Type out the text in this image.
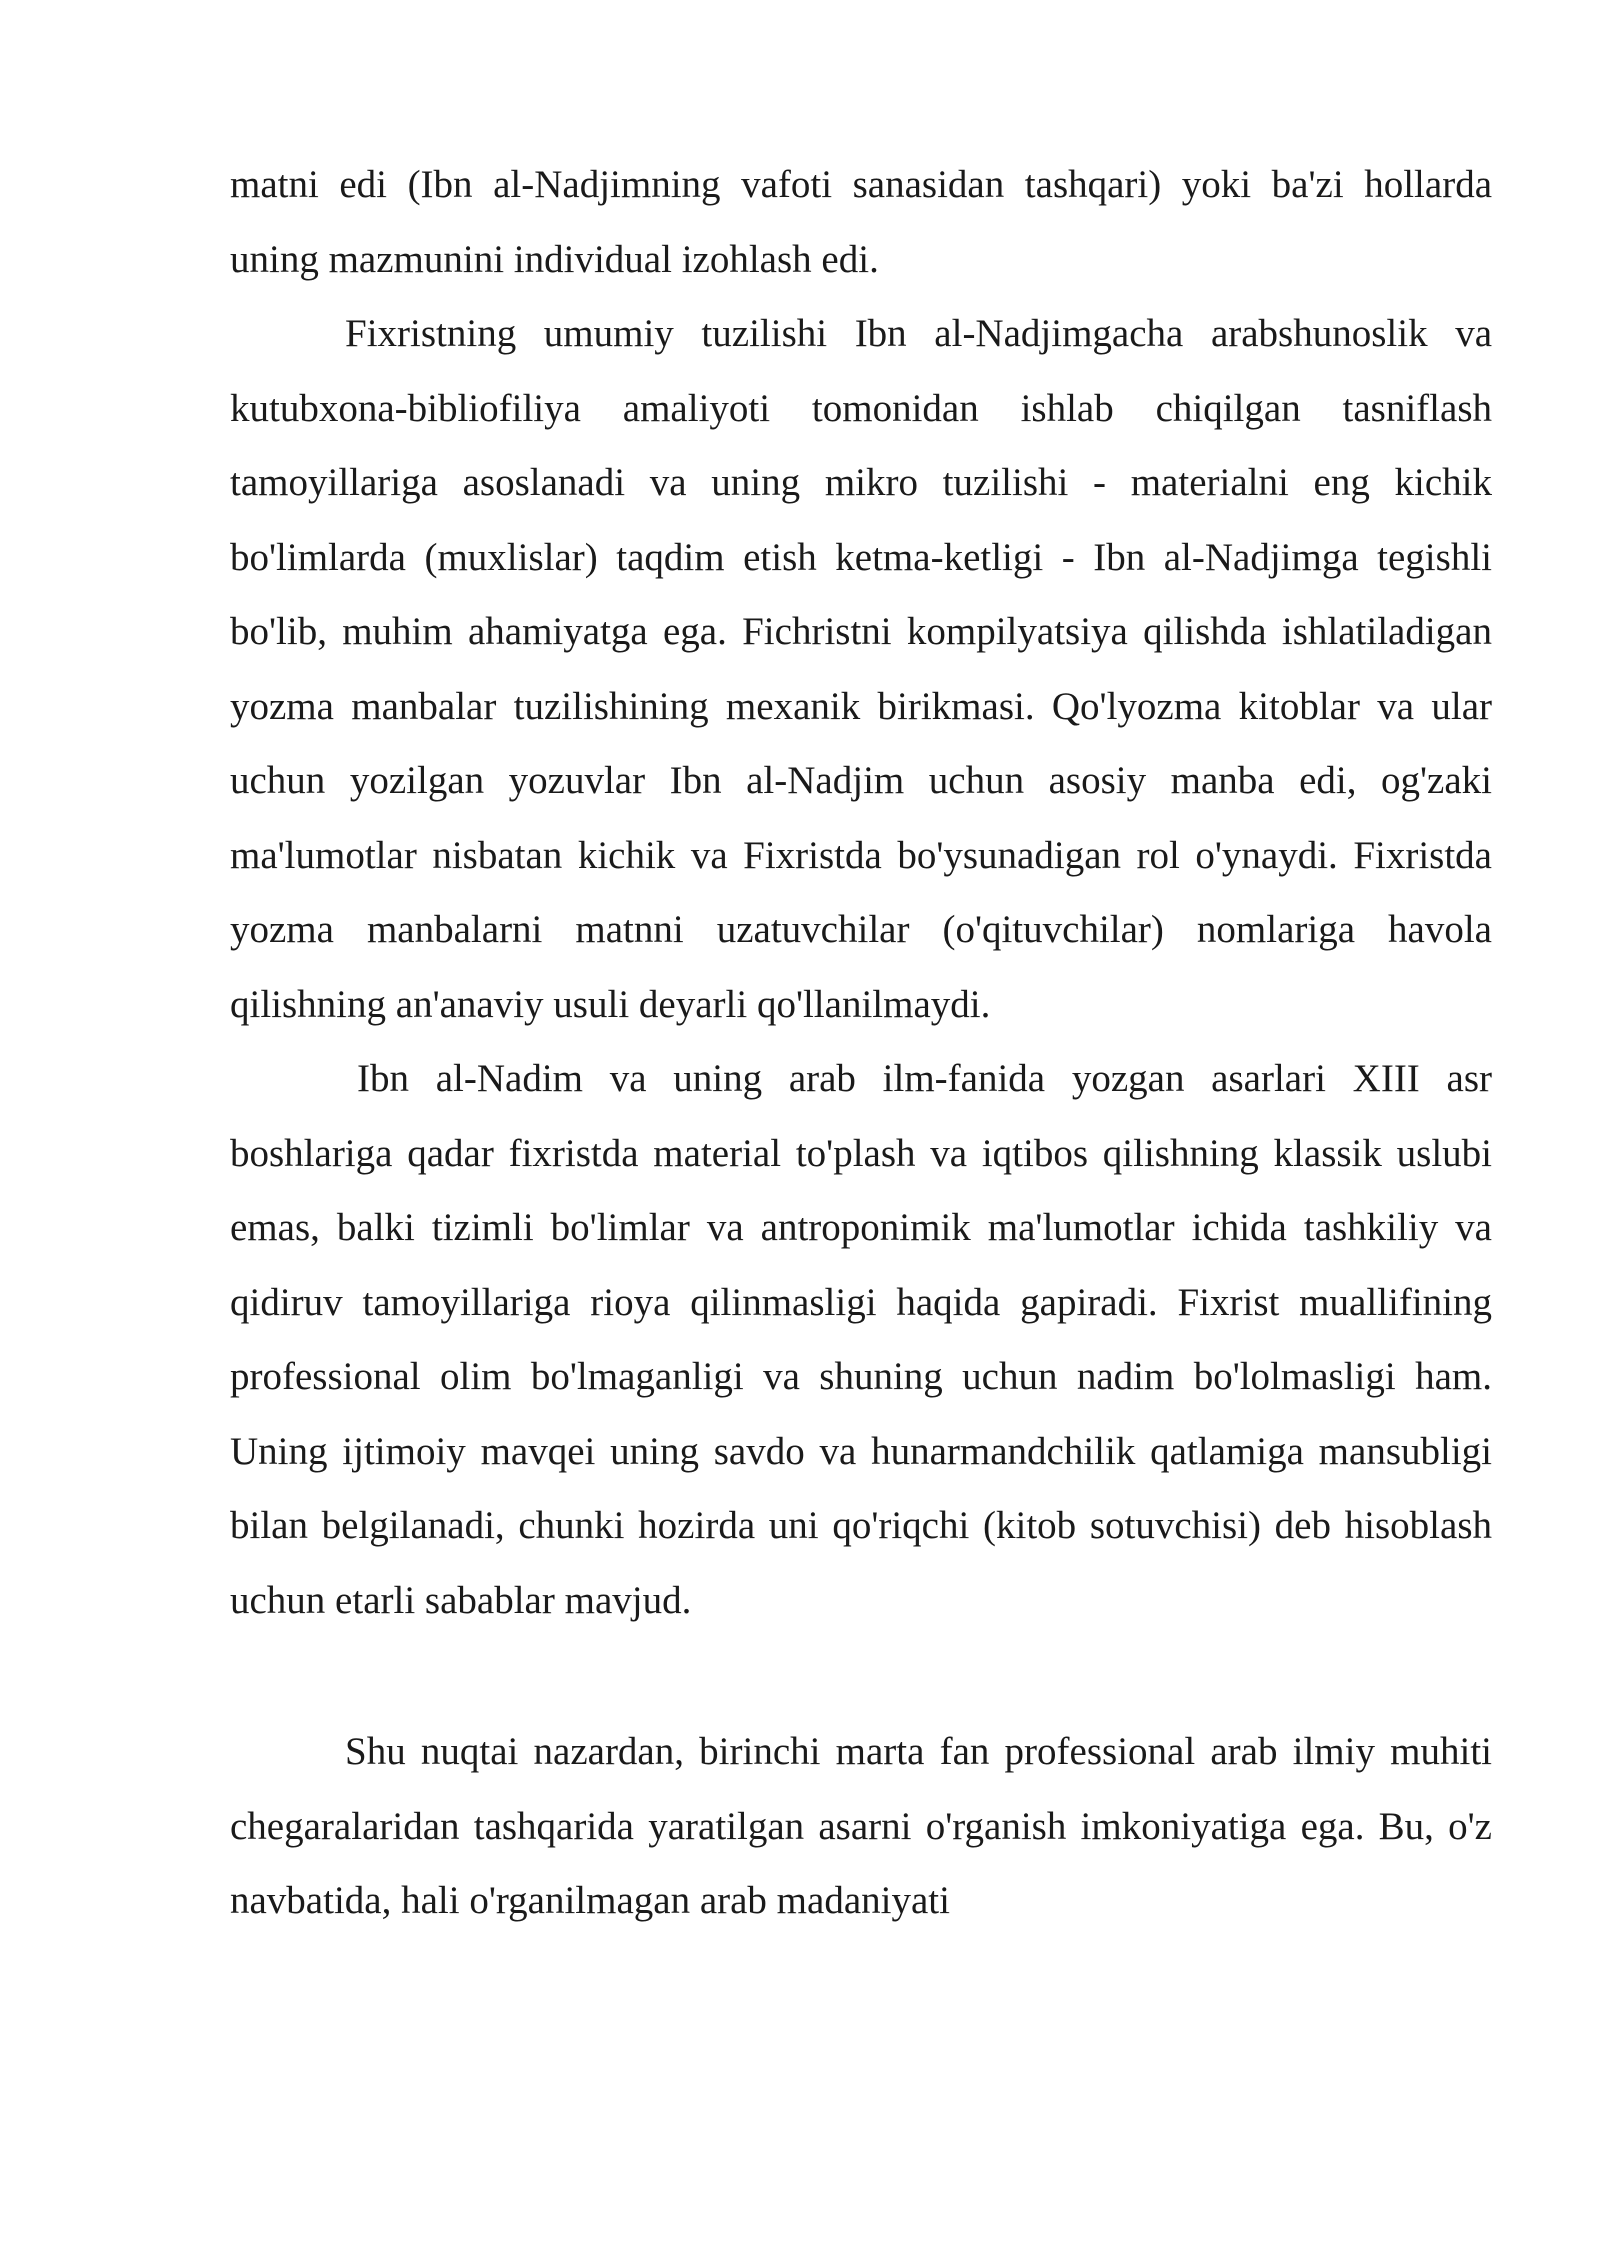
matni edi (Ibn al-Nadjimning vafoti sanasidan tashqari) yoki ba'zi hollarda uning mazmunini individual izohlash edi.

Fixristning umumiy tuzilishi Ibn al-Nadjimgacha arabshunoslik va kutubxona-bibliofiliya amaliyoti tomonidan ishlab chiqilgan tasniflash tamoyillariga asoslanadi va uning mikro tuzilishi - materialni eng kichik bo'limlarda (muxlislar) taqdim etish ketma-ketligi - Ibn al-Nadjimga tegishli bo'lib, muhim ahamiyatga ega. Fichristni kompilyatsiya qilishda ishlatiladigan yozma manbalar tuzilishining mexanik birikmasi. Qo'lyozma kitoblar va ular uchun yozilgan yozuvlar Ibn al-Nadjim uchun asosiy manba edi, og'zaki ma'lumotlar nisbatan kichik va Fixristda bo'ysunadigan rol o'ynaydi. Fixristda yozma manbalarni matnni uzatuvchilar (o'qituvchilar) nomlariga havola qilishning an'anaviy usuli deyarli qo'llanilmaydi.

Ibn al-Nadim va uning arab ilm-fanida yozgan asarlari XIII asr boshlariga qadar fixristda material to'plash va iqtibos qilishning klassik uslubi emas, balki tizimli bo'limlar va antroponimik ma'lumotlar ichida tashkiliy va qidiruv tamoyillariga rioya qilinmasligi haqida gapiradi. Fixrist muallifining professional olim bo'lmaganligi va shuning uchun nadim bo'lolmasligi ham. Uning ijtimoiy mavqei uning savdo va hunarmandchilik qatlamiga mansubligi bilan belgilanadi, chunki hozirda uni qo'riqchi (kitob sotuvchisi) deb hisoblash uchun etarli sabablar mavjud.

Shu nuqtai nazardan, birinchi marta fan professional arab ilmiy muhiti chegaralaridan tashqarida yaratilgan asarni o'rganish imkoniyatiga ega. Bu, o'z navbatida, hali o'rganilmagan arab madaniyati
